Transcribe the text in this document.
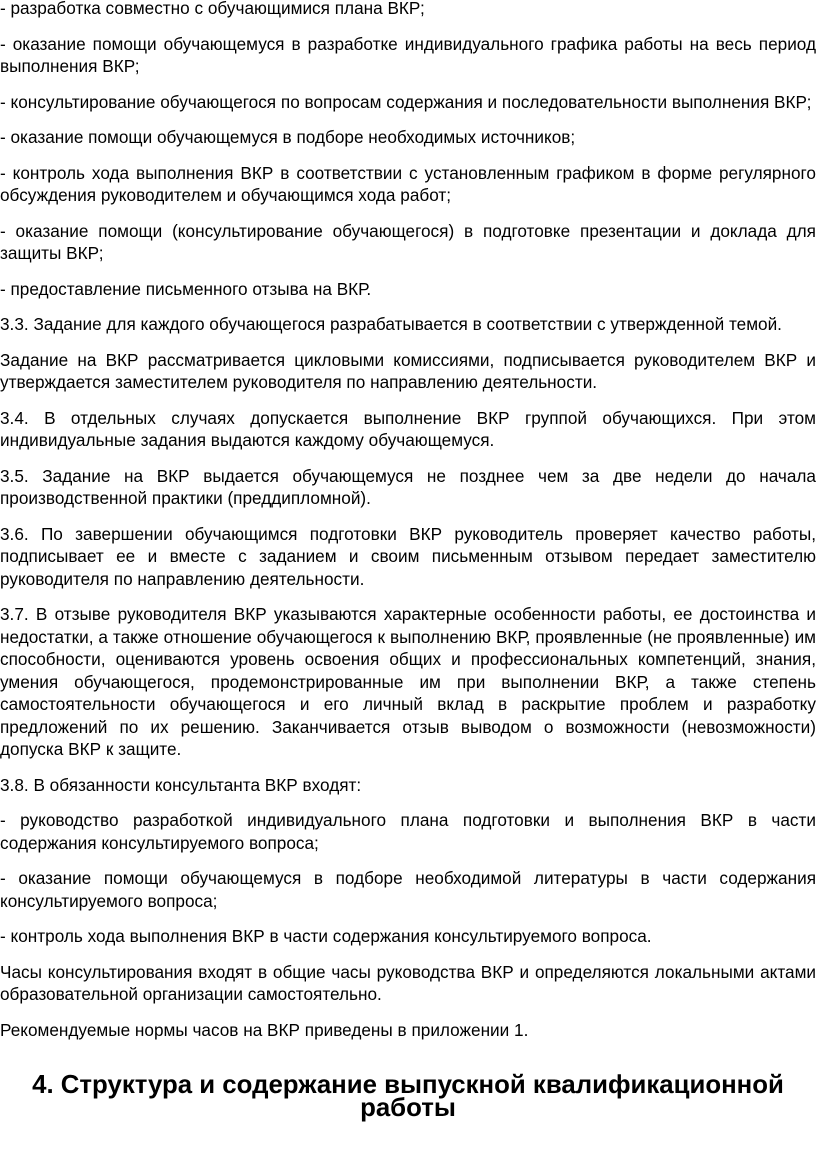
- разработка совместно с обучающимися плана ВКР;

- оказание помощи обучающемуся в разработке индивидуального графика работы на весь период выполнения ВКР;

- консультирование обучающегося по вопросам содержания и последовательности выполнения ВКР;

- оказание помощи обучающемуся в подборе необходимых источников;

- контроль хода выполнения ВКР в соответствии с установленным графиком в форме регулярного обсуждения руководителем и обучающимся хода работ;

- оказание помощи (консультирование обучающегося) в подготовке презентации и доклада для защиты ВКР;

- предоставление письменного отзыва на ВКР.

3.3. Задание для каждого обучающегося разрабатывается в соответствии с утвержденной темой.

Задание на ВКР рассматривается цикловыми комиссиями, подписывается руководителем ВКР и утверждается заместителем руководителя по направлению деятельности.

3.4. В отдельных случаях допускается выполнение ВКР группой обучающихся. При этом индивидуальные задания выдаются каждому обучающемуся.

3.5. Задание на ВКР выдается обучающемуся не позднее чем за две недели до начала производственной практики (преддипломной).

3.6. По завершении обучающимся подготовки ВКР руководитель проверяет качество работы, подписывает ее и вместе с заданием и своим письменным отзывом передает заместителю руководителя по направлению деятельности.

3.7. В отзыве руководителя ВКР указываются характерные особенности работы, ее достоинства и недостатки, а также отношение обучающегося к выполнению ВКР, проявленные (не проявленные) им способности, оцениваются уровень освоения общих и профессиональных компетенций, знания, умения обучающегося, продемонстрированные им при выполнении ВКР, а также степень самостоятельности обучающегося и его личный вклад в раскрытие проблем и разработку предложений по их решению. Заканчивается отзыв выводом о возможности (невозможности) допуска ВКР к защите.

3.8. В обязанности консультанта ВКР входят:

- руководство разработкой индивидуального плана подготовки и выполнения ВКР в части содержания консультируемого вопроса;

- оказание помощи обучающемуся в подборе необходимой литературы в части содержания консультируемого вопроса;

- контроль хода выполнения ВКР в части содержания консультируемого вопроса.

Часы консультирования входят в общие часы руководства ВКР и определяются локальными актами образовательной организации самостоятельно.

Рекомендуемые нормы часов на ВКР приведены в приложении 1.

4. Структура и содержание выпускной квалификационной работы
